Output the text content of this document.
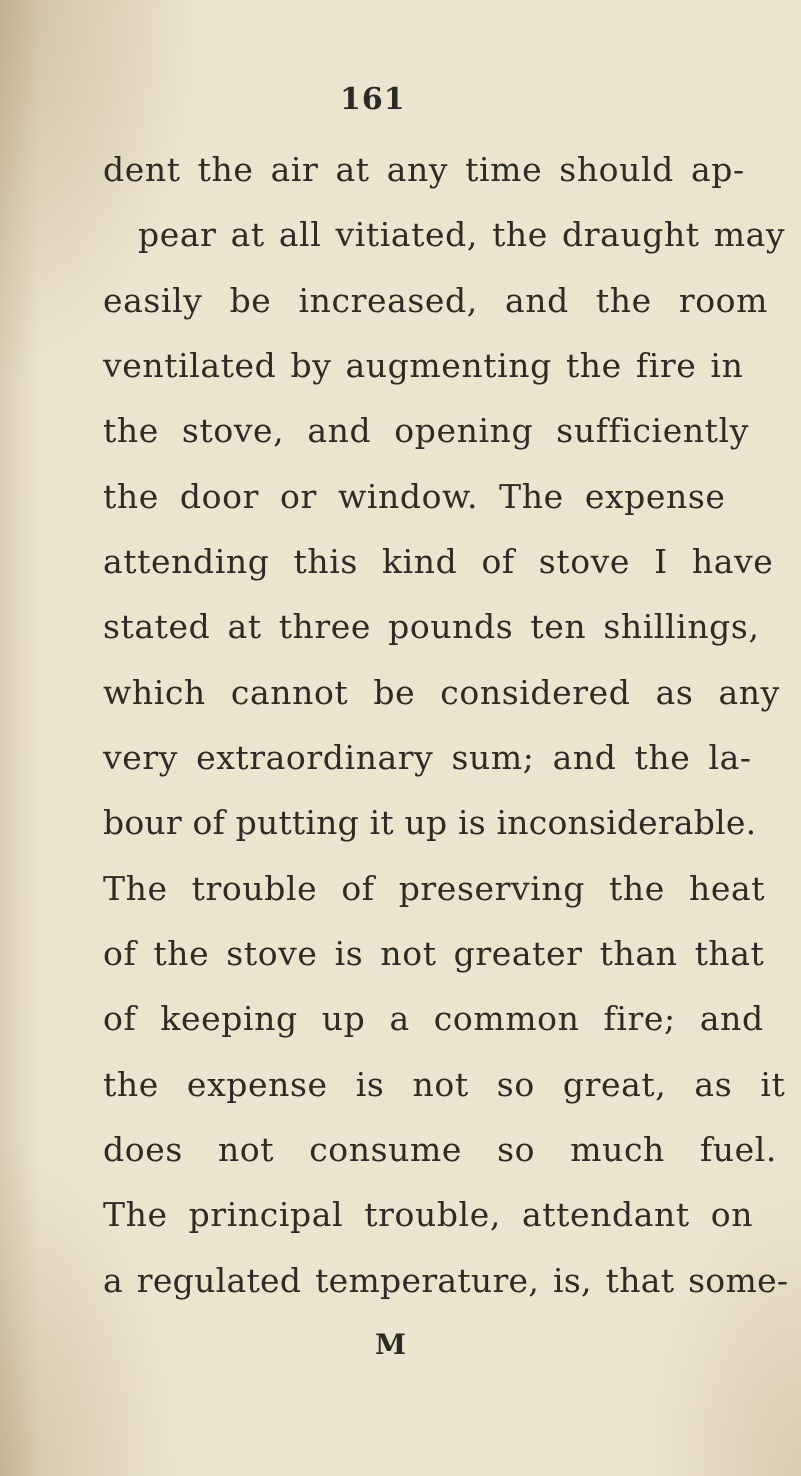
161
dent the air at any time should ap-
pear at all vitiated, the draught may
easily be increased, and the room
ventilated by augmenting the fire in
the stove, and opening sufficiently
the door or window. The expense
attending this kind of stove I have
stated at three pounds ten shillings,
which cannot be considered as any
very extraordinary sum; and the la-
bour of putting it up is inconsiderable.
The trouble of preserving the heat
of the stove is not greater than that
of keeping up a common fire; and
the expense is not so great, as it
does not consume so much fuel.
The principal trouble, attendant on
a regulated temperature, is, that some-
M
